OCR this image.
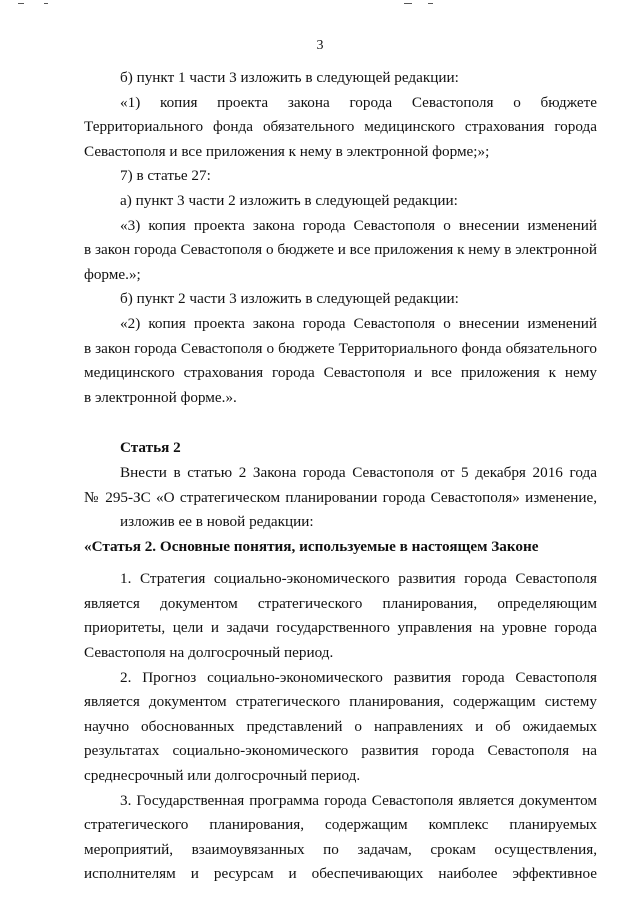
3

б) пункт 1 части 3 изложить в следующей редакции:

«1) копия проекта закона города Севастополя о бюджете

Территориального фонда обязательного медицинского страхования города

Севастополя и все приложения к нему в электронной форме;»;

7) в статье 27:

а) пункт 3 части 2 изложить в следующей редакции:

«3) копия проекта закона города Севастополя о внесении изменений

в закон города Севастополя о бюджете и все приложения к нему в электронной

форме.»;

б) пункт 2 части 3 изложить в следующей редакции:

«2) копия проекта закона города Севастополя о внесении изменений

в закон города Севастополя о бюджете Территориального фонда обязательного

медицинского страхования города Севастополя и все приложения к нему

в электронной форме.».

Статья 2

Внести в статью 2 Закона города Севастополя от 5 декабря 2016 года

№ 295-ЗС «О стратегическом планировании города Севастополя» изменение,

изложив ее в новой редакции:

«Статья 2. Основные понятия, используемые в настоящем Законе

1. Стратегия социально-экономического развития города Севастополя

является документом стратегического планирования, определяющим

приоритеты, цели и задачи государственного управления на уровне города

Севастополя на долгосрочный период.

2. Прогноз социально-экономического развития города Севастополя

является документом стратегического планирования, содержащим систему

научно обоснованных представлений о направлениях и об ожидаемых

результатах социально-экономического развития города Севастополя на

среднесрочный или долгосрочный период.

3. Государственная программа города Севастополя является документом

стратегического планирования, содержащим комплекс планируемых

мероприятий, взаимоувязанных по задачам, срокам осуществления,

исполнителям и ресурсам и обеспечивающих наиболее эффективное
